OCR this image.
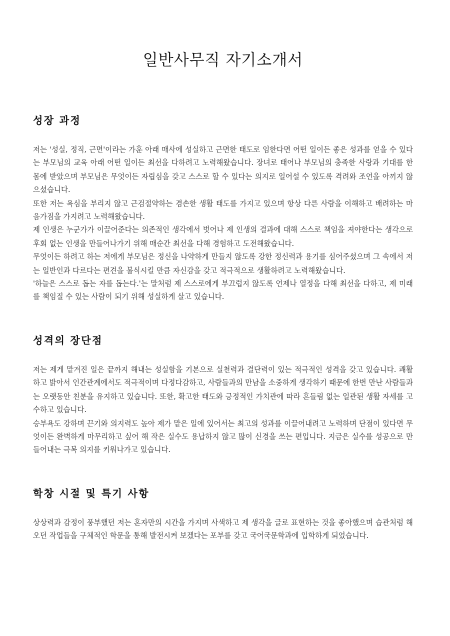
일반사무직 자기소개서
성장 과정

저는 '성실, 정직, 근면'이라는 가훈 아래 매사에 성실하고 근면한 태도로 임한다면 어떤 일이든 좋은 성과를 얻을 수 있다는 부모님의 교육 아래 어떤 일이든 최선을 다하려고 노력해왔습니다. 장녀로 태어나 부모님의 충족한 사랑과 기대를 한 몸에 받았으며 부모님은 무엇이든 자립심을 갖고 스스로 할 수 있다는 의지로 일어설 수 있도록 격려와 조언을 아끼지 않으셨습니다.

또한 저는 욕심을 부리지 않고 근검절약하는 겸손한 생활 태도를 가지고 있으며 항상 다른 사람을 이해하고 배려하는 마음가짐을 가지려고 노력해왔습니다.

제 인생은 누군가가 이끌어준다는 의존적인 생각에서 벗어나 제 인생의 결과에 대해 스스로 책임을 져야한다는 생각으로 후회 없는 인생을 만들어나가기 위해 매순간 최선을 다해 경험하고 도전해왔습니다.

무엇이든 하려고 하는 저에게 부모님은 정신을 나약하게 만들지 않도록 강한 정신력과 용기를 심어주셨으며 그 속에서 저는 일반인과 다르다는 편견을 불식시킬 만큼 자신감을 갖고 적극적으로 생활하려고 노력해왔습니다.

'하늘은 스스로 돕는 자를 돕는다.'는 말처럼 제 스스로에게 부끄럽지 않도록 언제나 열정을 다해 최선을 다하고, 제 미래를 책임질 수 있는 사람이 되기 위해 성실하게 살고 있습니다.

성격의 장단점

저는 제게 맡겨진 일은 끝까지 해내는 성실함을 기본으로 실천력과 결단력이 있는 적극적인 성격을 갖고 있습니다. 쾌활하고 밝아서 인간관계에서도 적극적이며 다정다감하고, 사람들과의 만남을 소중하게 생각하기 때문에 한번 만난 사람들과는 오랫동안 친분을 유지하고 있습니다. 또한, 확고한 태도와 긍정적인 가치관에 따라 흔들림 없는 일관된 생활 자세를 고수하고 있습니다.

승부욕도 강하며 끈기와 의지력도 높아 제가 맡은 일에 있어서는 최고의 성과를 이끌어내려고 노력하며 단점이 있다면 무엇이든 완벽하게 마무리하고 싶어 해 작은 실수도 용납하지 않고 많이 신경을 쓰는 편입니다. 지금은 실수를 성공으로 만들어내는 극복 의지를 키워나가고 있습니다.

학창 시절 및 특기 사항

상상력과 감정이 풍부했던 저는 혼자만의 시간을 가지며 사색하고 제 생각을 글로 표현하는 것을 좋아했으며 습관처럼 해오던 작업들을 구체적인 학문을 통해 발전시켜 보겠다는 포부를 갖고 국어국문학과에 입학하게 되었습니다.
